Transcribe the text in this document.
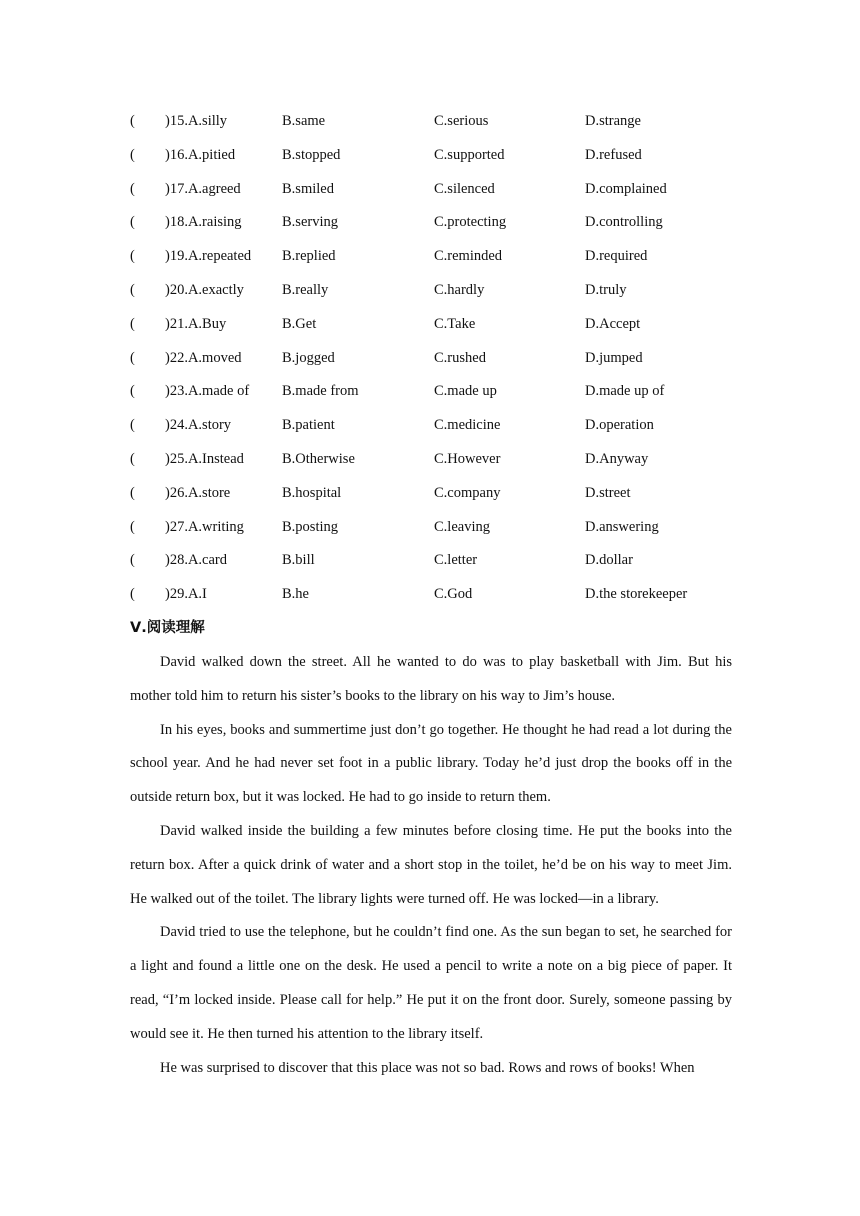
( )15.A.silly	B.same	C.serious	D.strange
( )16.A.pitied	B.stopped	C.supported	D.refused
( )17.A.agreed	B.smiled	C.silenced	D.complained
( )18.A.raising	B.serving	C.protecting	D.controlling
( )19.A.repeated B.replied	C.reminded	D.required
( )20.A.exactly	B.really	C.hardly	D.truly
( )21.A.Buy	B.Get	C.Take	D.Accept
( )22.A.moved	B.jogged	C.rushed	D.jumped
( )23.A.made of B.made from	C.made up	D.made up of
( )24.A.story	B.patient	C.medicine	D.operation
( )25.A.Instead	B.Otherwise	C.However	D.Anyway
( )26.A.store	B.hospital	C.company	D.street
( )27.A.writing	B.posting	C.leaving	D.answering
( )28.A.card	B.bill	C.letter	D.dollar
( )29.A.I	B.he	C.God	D.the storekeeper
Ⅴ.阅读理解

David walked down the street. All he wanted to do was to play basketball with Jim. But his mother told him to return his sister’s books to the library on his way to Jim’s house.

In his eyes, books and summertime just don’t go together. He thought he had read a lot during the school year. And he had never set foot in a public library. Today he’d just drop the books off in the outside return box, but it was locked. He had to go inside to return them.

David walked inside the building a few minutes before closing time. He put the books into the return box. After a quick drink of water and a short stop in the toilet, he’d be on his way to meet Jim. He walked out of the toilet. The library lights were turned off. He was locked—in a library.

David tried to use the telephone, but he couldn’t find one. As the sun began to set, he searched for a light and found a little one on the desk. He used a pencil to write a note on a big piece of paper. It read, “I’m locked inside. Please call for help.” He put it on the front door. Surely, someone passing by would see it. He then turned his attention to the library itself.

He was surprised to discover that this place was not so bad. Rows and rows of books! When
